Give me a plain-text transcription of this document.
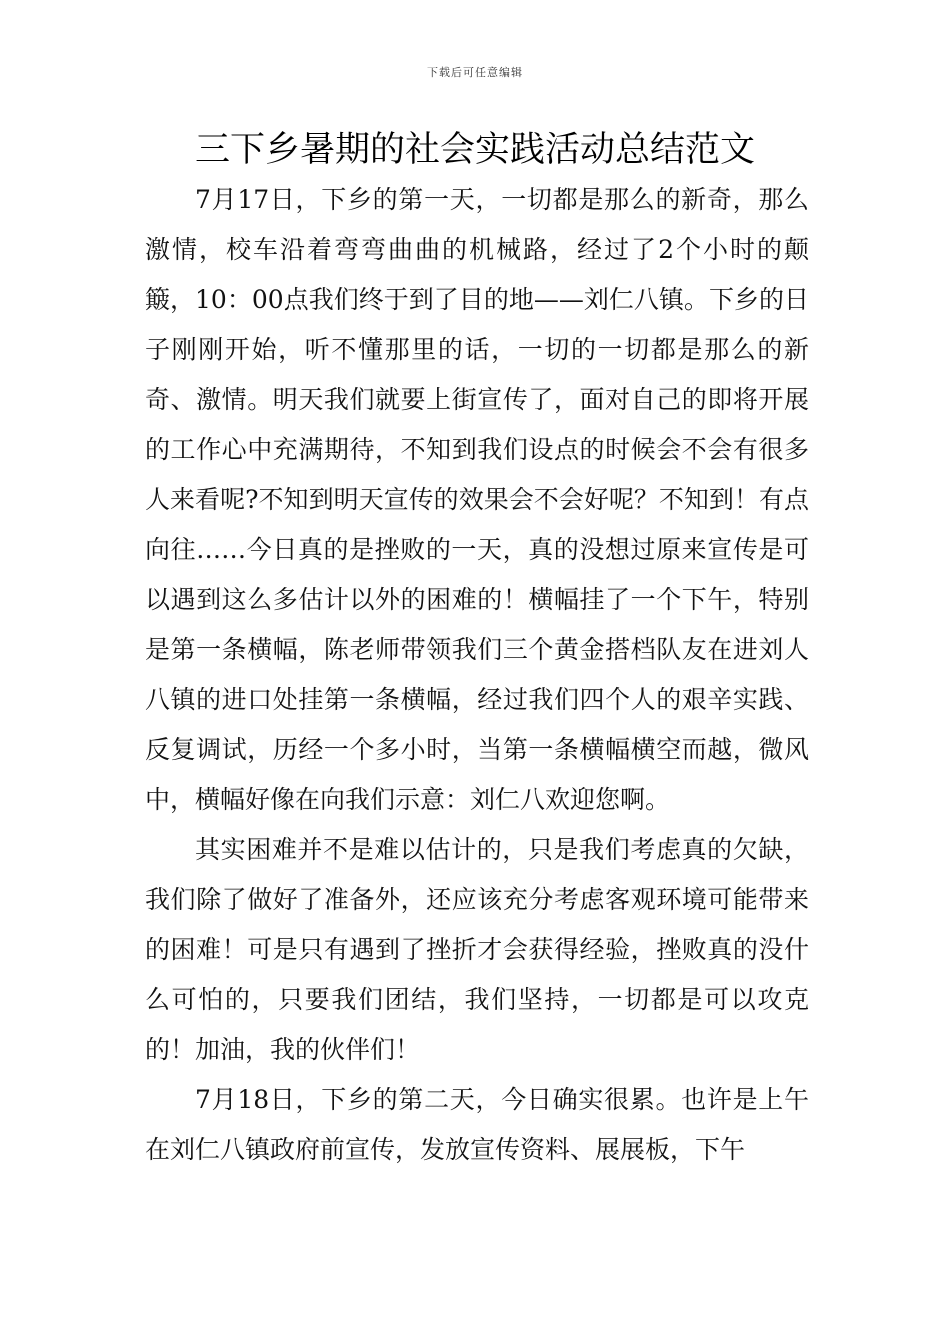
下载后可任意编辑
三下乡暑期的社会实践活动总结范文

7月17日，下乡的第一天，一切都是那么的新奇，那么激情，校车沿着弯弯曲曲的机械路，经过了2个小时的颠簸，10：00点我们终于到了目的地——刘仁八镇。下乡的日子刚刚开始，听不懂那里的话，一切的一切都是那么的新奇、激情。明天我们就要上街宣传了，面对自己的即将开展的工作心中充满期待，不知到我们设点的时候会不会有很多人来看呢?不知到明天宣传的效果会不会好呢？不知到！有点向往……今日真的是挫败的一天，真的没想过原来宣传是可以遇到这么多估计以外的困难的！横幅挂了一个下午，特别是第一条横幅，陈老师带领我们三个黄金搭档队友在进刘人八镇的进口处挂第一条横幅，经过我们四个人的艰辛实践、反复调试，历经一个多小时，当第一条横幅横空而越，微风中，横幅好像在向我们示意：刘仁八欢迎您啊。

其实困难并不是难以估计的，只是我们考虑真的欠缺，我们除了做好了准备外，还应该充分考虑客观环境可能带来的困难！可是只有遇到了挫折才会获得经验，挫败真的没什么可怕的，只要我们团结，我们坚持，一切都是可以攻克的！加油，我的伙伴们！

7月18日，下乡的第二天，今日确实很累。也许是上午在刘仁八镇政府前宣传，发放宣传资料、展展板，下午
